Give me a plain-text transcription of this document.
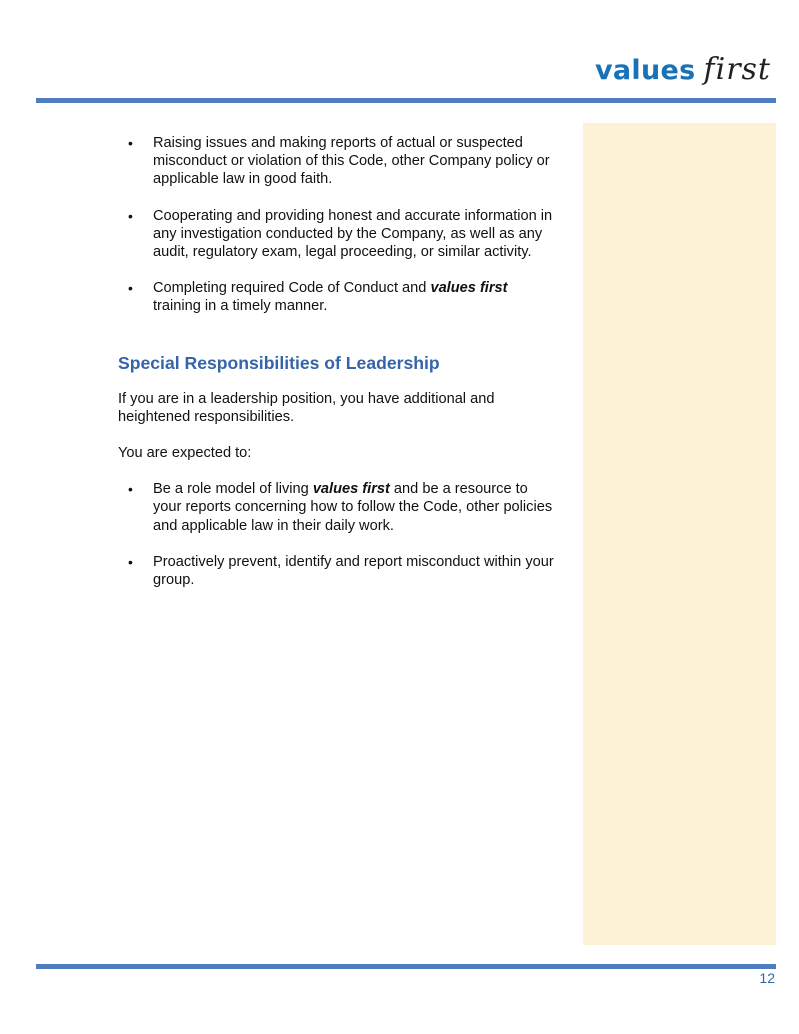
values first
• Raising issues and making reports of actual or suspected misconduct or violation of this Code, other Company policy or applicable law in good faith.
• Cooperating and providing honest and accurate information in any investigation conducted by the Company, as well as any audit, regulatory exam, legal proceeding, or similar activity.
• Completing required Code of Conduct and values first training in a timely manner.
Special Responsibilities of Leadership

If you are in a leadership position, you have additional and heightened responsibilities.

You are expected to:

• Be a role model of living values first and be a resource to your reports concerning how to follow the Code, other policies and applicable law in their daily work.
• Proactively prevent, identify and report misconduct within your group.
12
